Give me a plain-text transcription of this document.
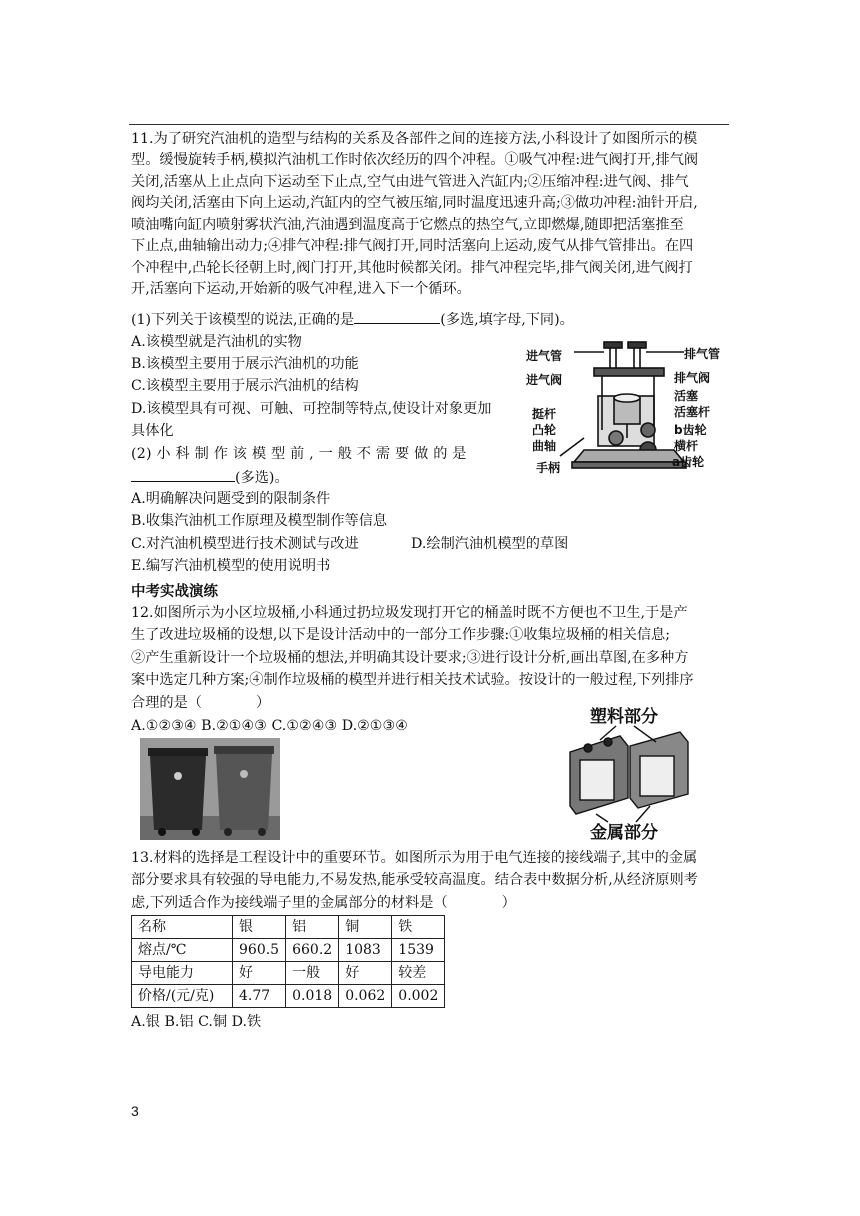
11.为了研究汽油机的造型与结构的关系及各部件之间的连接方法,小科设计了如图所示的模
型。缓慢旋转手柄,模拟汽油机工作时依次经历的四个冲程。①吸气冲程:进气阀打开,排气阀
关闭,活塞从上止点向下运动至下止点,空气由进气管进入汽缸内;②压缩冲程:进气阀、排气
阀均关闭,活塞由下向上运动,汽缸内的空气被压缩,同时温度迅速升高;③做功冲程:油针开启,
喷油嘴向缸内喷射雾状汽油,汽油遇到温度高于它燃点的热空气,立即燃爆,随即把活塞推至
下止点,曲轴输出动力;④排气冲程:排气阀打开,同时活塞向上运动,废气从排气管排出。在四
个冲程中,凸轮长径朝上时,阀门打开,其他时候都关闭。排气冲程完毕,排气阀关闭,进气阀打
开,活塞向下运动,开始新的吸气冲程,进入下一个循环。
(1)下列关于该模型的说法,正确的是	(多选,填字母,下同)。
A.该模型就是汽油机的实物
B.该模型主要用于展示汽油机的功能
C.该模型主要用于展示汽油机的结构
D.该模型具有可视、可触、可控制等特点,使设计对象更加
具体化
(2) 小 科 制 作 该 模 型 前 , 一 般 不 需 要 做 的 是
(多选)。
A.明确解决问题受到的限制条件
B.收集汽油机工作原理及模型制作等信息
C.对汽油机模型进行技术测试与改进	D.绘制汽油机模型的草图
E.编写汽油机模型的使用说明书
进气管
进气阀
挺杆
凸轮
曲轴
手柄
排气管
排气阀
活塞
活塞杆
b齿轮
横杆
a齿轮
中考实战演练
12.如图所示为小区垃圾桶,小科通过扔垃圾发现打开它的桶盖时既不方便也不卫生,于是产
生了改进垃圾桶的设想,以下是设计活动中的一部分工作步骤:①收集垃圾桶的相关信息;
②产生重新设计一个垃圾桶的想法,并明确其设计要求;③进行设计分析,画出草图,在多种方
案中选定几种方案;④制作垃圾桶的模型并进行相关技术试验。按设计的一般过程,下列排序
合理的是（	）
A.①②③④ B.②①④③ C.①②④③ D.②①③④	塑料部分
金属部分
13.材料的选择是工程设计中的重要环节。如图所示为用于电气连接的接线端子,其中的金属
部分要求具有较强的导电能力,不易发热,能承受较高温度。结合表中数据分析,从经济原则考
虑,下列适合作为接线端子里的金属部分的材料是（	）
名称	银	铝	铜	铁
熔点/℃	960.5	660.2	1083	1539
导电能力	好	一般	好	较差
价格/(元/克)	4.77	0.018	0.062	0.002
A.银 B.铝 C.铜 D.铁
3
